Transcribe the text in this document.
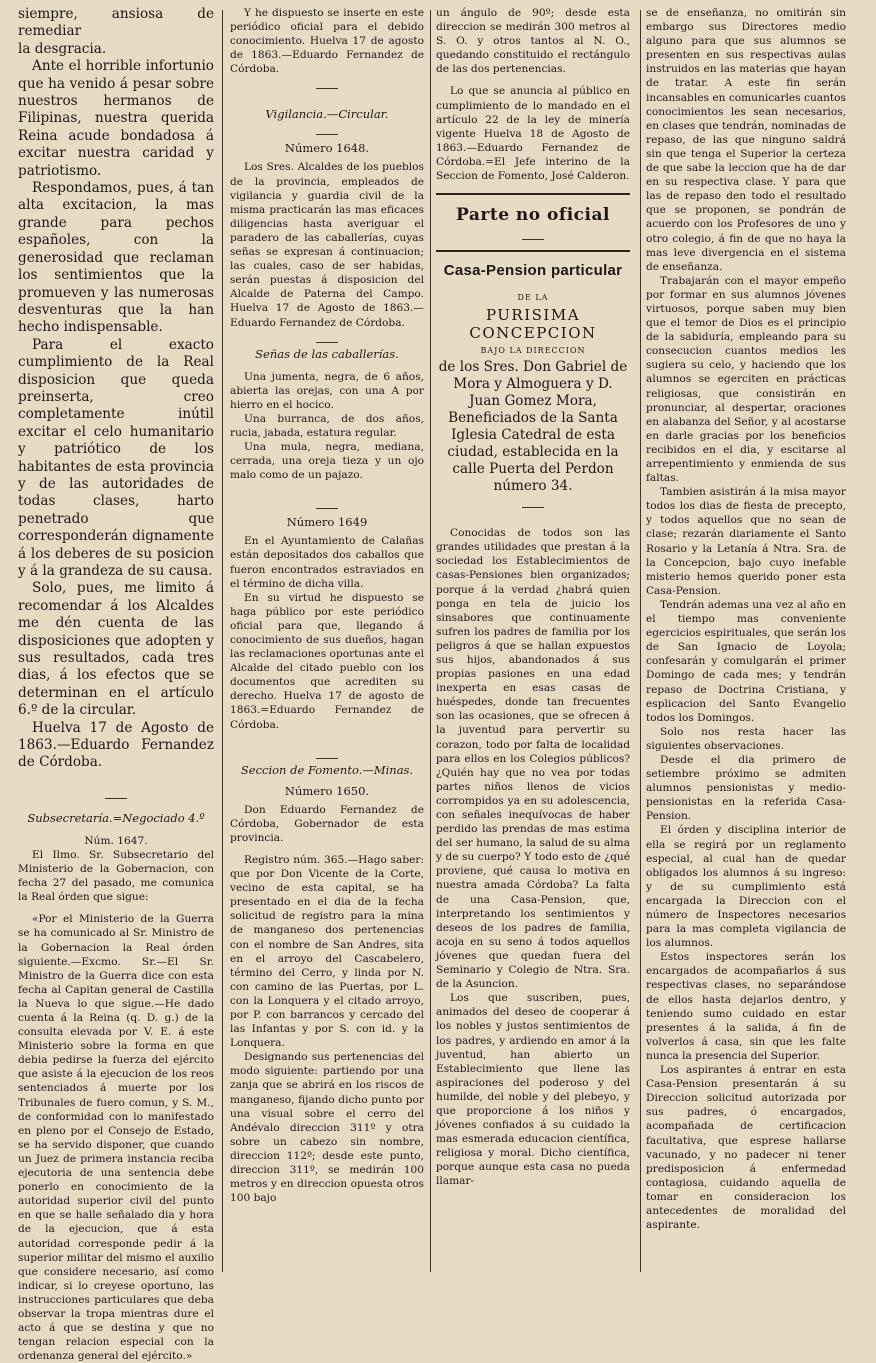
siempre, ansiosa de remediar

la desgracia.

Ante el horrible infortunio que ha venido á pesar sobre nuestros hermanos de Filipinas, nuestra querida Reina acude bondadosa á excitar nuestra caridad y patriotismo.

Respondamos, pues, á tan alta excitacion, la mas grande para pechos españoles, con la generosidad que reclaman los sentimientos que la promueven y las numerosas desventuras que la han hecho indispensable.

Para el exacto cumplimiento de la Real disposicion que queda preinserta, creo completamente inútil excitar el celo humanitario y patriótico de los habitantes de esta provincia y de las autoridades de todas clases, harto penetrado que corresponderán dignamente á los deberes de su posicion y á la grandeza de su causa.

Solo, pues, me limito á recomendar á los Alcaldes me dén cuenta de las disposiciones que adopten y sus resultados, cada tres dias, á los efectos que se determinan en el artículo 6.º de la circular.

Huelva 17 de Agosto de 1863.—Eduardo Fernandez de Córdoba.

Subsecretaría.=Negociado 4.º

Núm. 1647.

El Ilmo. Sr. Subsecretario del Ministerio de la Gobernacion, con fecha 27 del pasado, me comunica la Real órden que sigue:

«Por el Ministerio de la Guerra se ha comunicado al Sr. Ministro de la Gobernacion la Real órden siguiente.—Excmo. Sr.—El Sr. Ministro de la Guerra dice con esta fecha al Capitan general de Castilla la Nueva lo que sigue.—He dado cuenta á la Reina (q. D. g.) de la consulta elevada por V. E. á este Ministerio sobre la forma en que debia pedirse la fuerza del ejército que asiste á la ejecucion de los reos sentenciados á muerte por los Tribunales de fuero comun, y S. M., de conformidad con lo manifestado en pleno por el Consejo de Estado, se ha servido disponer, que cuando un Juez de primera instancia reciba ejecutoria de una sentencia debe ponerlo en conocimiento de la autoridad superior civil del punto en que se halle señalado dia y hora de la ejecucion, que á esta autoridad corresponde pedir á la superior militar del mismo el auxilio que considere necesario, así como indicar, si lo creyese oportuno, las instrucciones particulares que deba observar la tropa mientras dure el acto á que se destina y que no tengan relacion especial con la ordenanza general del ejército.»

Y he dispuesto se inserte en este periódico oficial para el debido conocimiento. Huelva 17 de agosto de 1863.—Eduardo Fernandez de Córdoba.

Vigilancia.—Circular.

Número 1648.

Los Sres. Alcaldes de los pueblos de la provincia, empleados de vigilancia y guardia civil de la misma practicarán las mas eficaces diligencias hasta averiguar el paradero de las caballerías, cuyas señas se expresan á continuacion; las cuales, caso de ser habidas, serán puestas á disposicion del Alcalde de Paterna del Campo. Huelva 17 de Agosto de 1863.—Eduardo Fernandez de Córdoba.

Señas de las caballerías.

Una jumenta, negra, de 6 años, abierta las orejas, con una A por hierro en el hocico.

Una burranca, de dos años, rucia, jabada, estatura regular.

Una mula, negra, mediana, cerrada, una oreja tieza y un ojo malo como de un pajazo.

Número 1649

En el Ayuntamiento de Calañas están depositados dos caballos que fueron encontrados estraviados en el término de dicha villa.

En su virtud he dispuesto se haga público por este periódico oficial para que, llegando á conocimiento de sus dueños, hagan las reclamaciones oportunas ante el Alcalde del citado pueblo con los documentos que acrediten su derecho. Huelva 17 de agosto de 1863.=Eduardo Fernandez de Córdoba.

Seccion de Fomento.—Minas.

Número 1650.

Don Eduardo Fernandez de Córdoba, Gobernador de esta provincia.

Registro núm. 365.—Hago saber: que por Don Vicente de la Corte, vecino de esta capital, se ha presentado en el dia de la fecha solicitud de registro para la mina de manganeso dos pertenencias con el nombre de San Andres, sita en el arroyo del Cascabelero, término del Cerro, y linda por N. con camino de las Puertas, por L. con la Lonquera y el citado arroyo, por P. con barrancos y cercado del las Infantas y por S. con id. y la Lonquera.

Designando sus pertenencias del modo siguiente: partiendo por una zanja que se abrirá en los riscos de manganeso, fijando dicho punto por una visual sobre el cerro del Andévalo direccion 311º y otra sobre un cabezo sin nombre, direccion 112º; desde este punto, direccion 311º, se medirán 100 metros y en direccion opuesta otros 100 bajo

un ángulo de 90º; desde esta direccion se medirán 300 metros al S. O. y otros tantos al N. O., quedando constituido el rectángulo de las dos pertenencias.

Lo que se anuncia al público en cumplimiento de lo mandado en el artículo 22 de la ley de minería vigente Huelva 18 de Agosto de 1863.—Eduardo Fernandez de Córdoba.=El Jefe interino de la Seccion de Fomento, José Calderon.

Parte no oficial

Casa-Pension particular

DE LA

PURISIMA CONCEPCION

BAJO LA DIRECCION

de los Sres. Don Gabriel de Mora y Almoguera y D. Juan Gomez Mora, Beneficiados de la Santa Iglesia Catedral de esta ciudad, establecida en la calle Puerta del Perdon número 34.

Conocidas de todos son las grandes utilidades que prestan á la sociedad los Establecimientos de casas-Pensiones bien organizados; porque á la verdad ¿habrá quien ponga en tela de juicio los sinsabores que continuamente sufren los padres de familia por los peligros á que se hallan expuestos sus hijos, abandonados á sus propias pasiones en una edad inexperta en esas casas de huéspedes, donde tan frecuentes son las ocasiones, que se ofrecen á la juventud para pervertir su corazon, todo por falta de localidad para ellos en los Colegios públicos? ¿Quién hay que no vea por todas partes niños llenos de vicios corrompidos ya en su adolescencia, con señales inequívocas de haber perdido las prendas de mas estima del ser humano, la salud de su alma y de su cuerpo? Y todo esto de ¿qué proviene, qué causa lo motiva en nuestra amada Córdoba? La falta de una Casa-Pension, que, interpretando los sentimientos y deseos de los padres de familia, acoja en su seno á todos aquellos jóvenes que quedan fuera del Seminario y Colegio de Ntra. Sra. de la Asuncion.

Los que suscriben, pues, animados del deseo de cooperar á los nobles y justos sentimientos de los padres, y ardiendo en amor á la juventud, han abierto un Establecimiento que llene las aspiraciones del poderoso y del humilde, del noble y del plebeyo, y que proporcione á los niños y jóvenes confiados á su cuidado la mas esmerada educacion científica, religiosa y moral. Dicho científica, porque aunque esta casa no pueda llamar-

se de enseñanza, no omitirán sin embargo sus Directores medio alguno para que sus alumnos se presenten en sus respectivas aulas instruidos en las materias que hayan de tratar. A este fin serán incansables en comunicarles cuantos conocimientos les sean necesarios, en clases que tendrán, nominadas de repaso, de las que ninguno saldrá sin que tenga el Superior la certeza de que sabe la leccion que ha de dar en su respectiva clase. Y para que las de repaso den todo el resultado que se proponen, se pondrán de acuerdo con los Profesores de uno y otro colegio, á fin de que no haya la mas leve divergencia en el sistema de enseñanza.

Trabajarán con el mayor empeño por formar en sus alumnos jóvenes virtuosos, porque saben muy bien que el temor de Dios es el principio de la sabiduría, empleando para su consecucion cuantos medios les sugiera su celo, y haciendo que los alumnos se egerciten en prácticas religiosas, que consistirán en pronunciar, al despertar, oraciones en alabanza del Señor, y al acostarse en darle gracias por los beneficios recibidos en el dia, y escitarse al arrepentimiento y enmienda de sus faltas.

Tambien asistirán á la misa mayor todos los dias de fiesta de precepto, y todos aquellos que no sean de clase; rezarán diariamente el Santo Rosario y la Letanía á Ntra. Sra. de la Concepcion, bajo cuyo inefable misterio hemos querido poner esta Casa-Pension.

Tendrán ademas una vez al año en el tiempo mas conveniente egercicios espirituales, que serán los de San Ignacio de Loyola; confesarán y comulgarán el primer Domingo de cada mes; y tendrán repaso de Doctrina Cristiana, y esplicacion del Santo Evangelio todos los Domingos.

Solo nos resta hacer las siguientes observaciones.

Desde el dia primero de setiembre próximo se admiten alumnos pensionistas y medio-pensionistas en la referida Casa-Pension.

El órden y disciplina interior de ella se regirá por un reglamento especial, al cual han de quedar obligados los alumnos á su ingreso: y de su cumplimiento está encargada la Direccion con el número de Inspectores necesarios para la mas completa vigilancia de los alumnos.

Estos inspectores serán los encargados de acompañarlos á sus respectivas clases, no separándose de ellos hasta dejarlos dentro, y teniendo sumo cuidado en estar presentes á la salida, á fin de volverlos á casa, sin que les falte nunca la presencia del Superior.

Los aspirantes á entrar en esta Casa-Pension presentarán á su Direccion solicitud autorizada por sus padres, ó encargados, acompañada de certificacion facultativa, que esprese hallarse vacunado, y no padecer ni tener predisposicion á enfermedad contagiosa, cuidando aquella de tomar en consideracion los antecedentes de moralidad del aspirante.
